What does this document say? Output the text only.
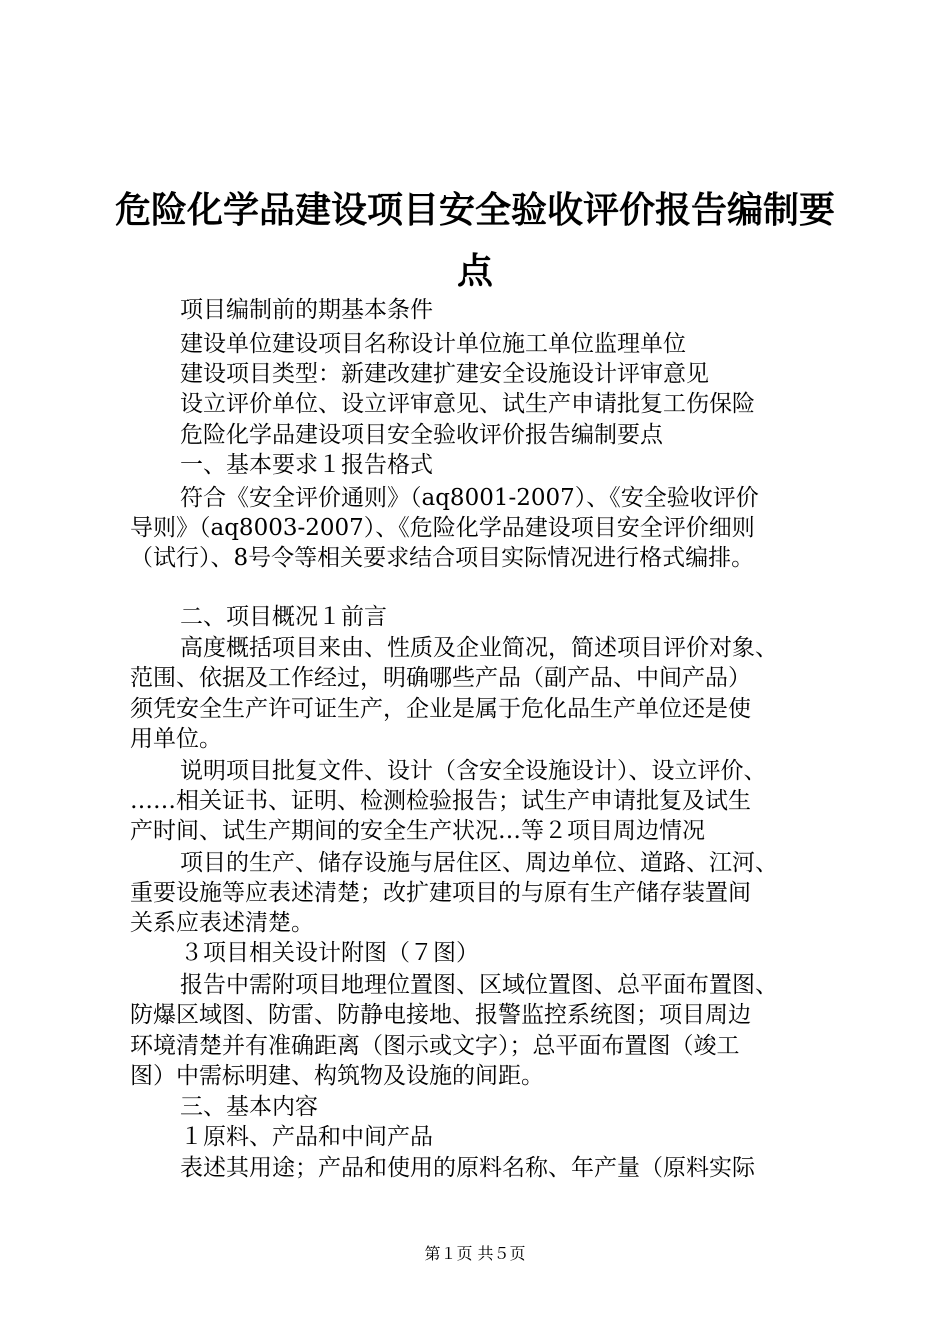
危险化学品建设项目安全验收评价报告编制要
点

项目编制前的期基本条件

建设单位建设项目名称设计单位施工单位监理单位

建设项目类型：新建改建扩建安全设施设计评审意见

设立评价单位、设立评审意见、试生产申请批复工伤保险

危险化学品建设项目安全验收评价报告编制要点

一、基本要求１报告格式

符合《安全评价通则》（aq8001-2007）、《安全验收评价

导则》（aq8003-2007）、《危险化学品建设项目安全评价细则

（试行）、8号令等相关要求结合项目实际情况进行格式编排。

二、项目概况１前言

高度概括项目来由、性质及企业简况，简述项目评价对象、

范围、依据及工作经过，明确哪些产品（副产品、中间产品）

须凭安全生产许可证生产，企业是属于危化品生产单位还是使

用单位。

说明项目批复文件、设计（含安全设施设计）、设立评价、

……相关证书、证明、检测检验报告；试生产申请批复及试生

产时间、试生产期间的安全生产状况…等２项目周边情况

项目的生产、储存设施与居住区、周边单位、道路、江河、

重要设施等应表述清楚；改扩建项目的与原有生产储存装置间

关系应表述清楚。

３项目相关设计附图（７图）

报告中需附项目地理位置图、区域位置图、总平面布置图、

防爆区域图、防雷、防静电接地、报警监控系统图；项目周边

环境清楚并有准确距离（图示或文字）；总平面布置图（竣工

图）中需标明建、构筑物及设施的间距。

三、基本内容

１原料、产品和中间产品

表述其用途；产品和使用的原料名称、年产量（原料实际

第１页 共５页
